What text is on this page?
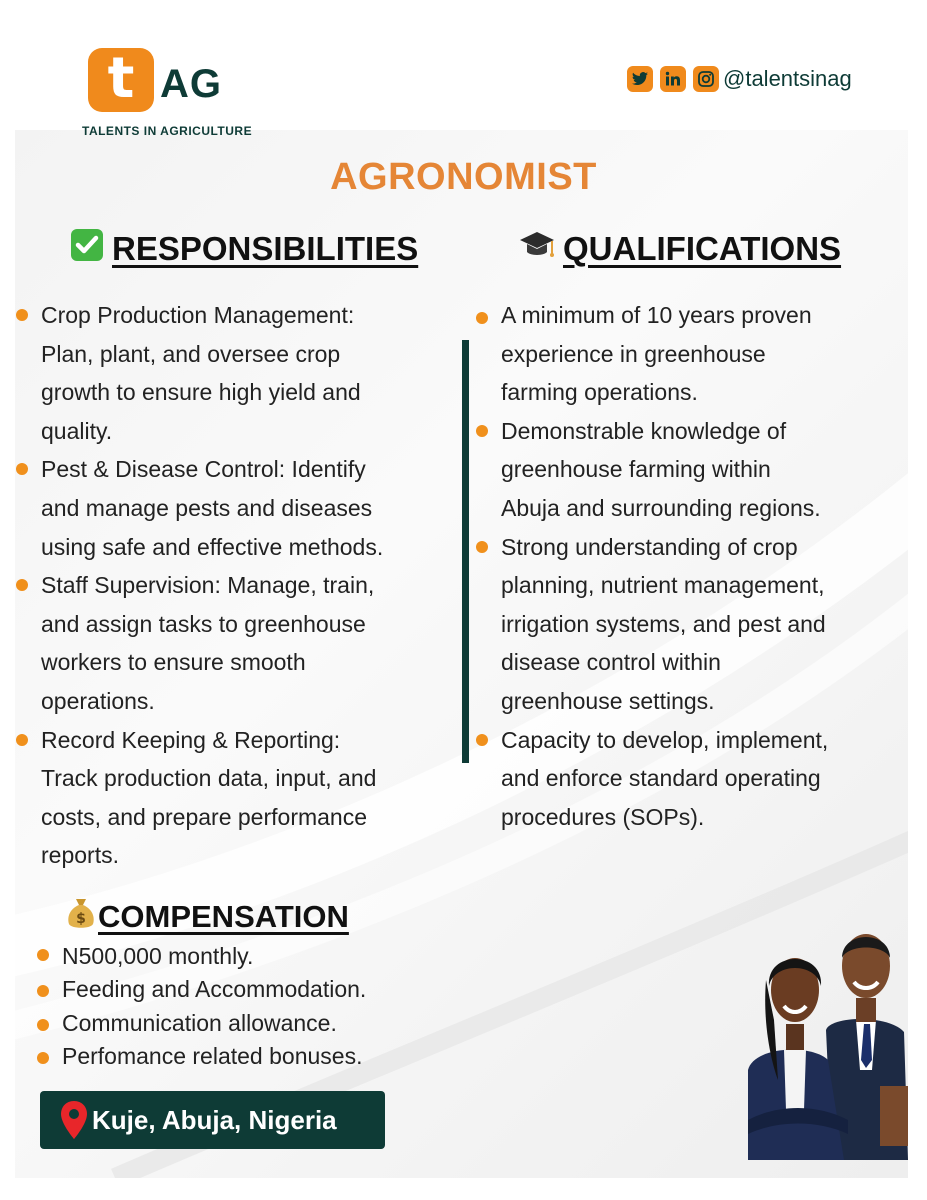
t AG
TALENTS IN AGRICULTURE
@talentsinag
AGRONOMIST
RESPONSIBILITIES	QUALIFICATIONS
Crop Production Management:
Plan, plant, and oversee crop
growth to ensure high yield and
quality.
Pest & Disease Control: Identify
and manage pests and diseases
using safe and effective methods.
Staff Supervision: Manage, train,
and assign tasks to greenhouse
workers to ensure smooth
operations.
Record Keeping & Reporting:
Track production data, input, and
costs, and prepare performance
reports.
A minimum of 10 years proven
experience in greenhouse
farming operations.
Demonstrable knowledge of
greenhouse farming within
Abuja and surrounding regions.
Strong understanding of crop
planning, nutrient management,
irrigation systems, and pest and
disease control within
greenhouse settings.
Capacity to develop, implement,
and enforce standard operating
procedures (SOPs).
$ COMPENSATION
N500,000 monthly.
Feeding and Accommodation.
Communication allowance.
Perfomance related bonuses.
Kuje, Abuja, Nigeria
